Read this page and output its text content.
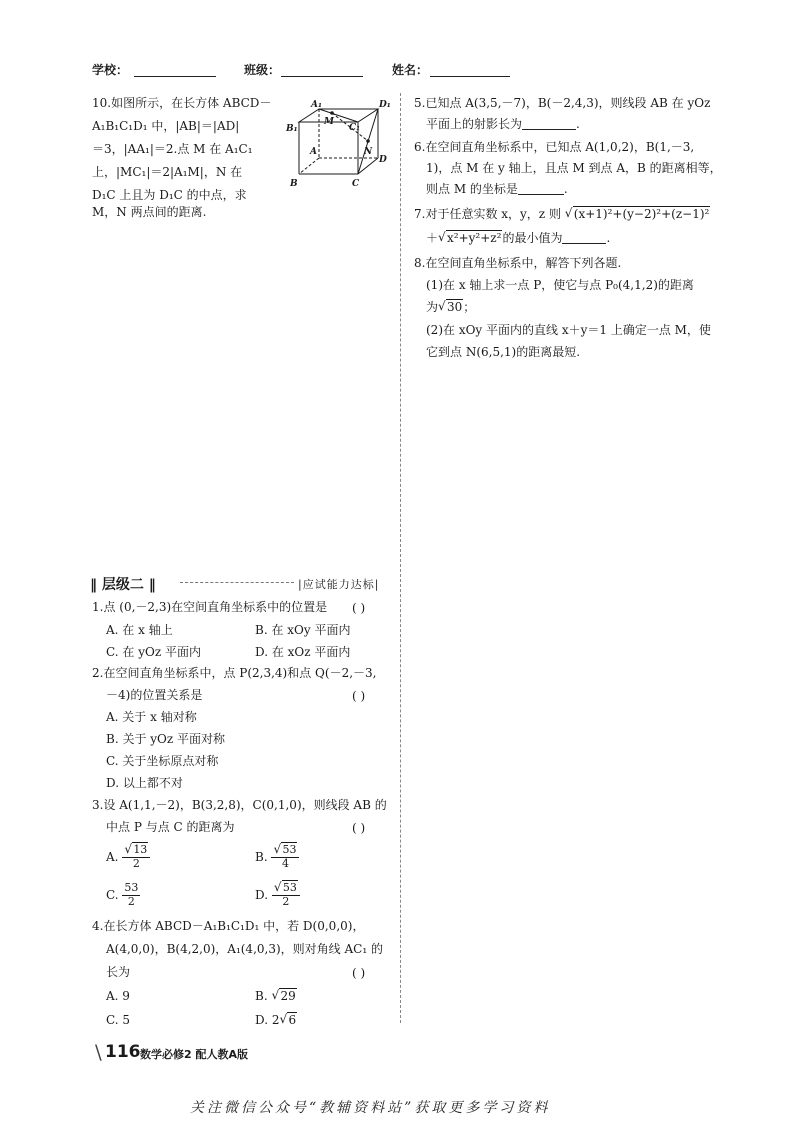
学校：	班级：	姓名：
10.如图所示，在长方体 ABCD－
A₁B₁C₁D₁ 中，|AB|＝|AD|
＝3，|AA₁|＝2.点 M 在 A₁C₁
上，|MC₁|＝2|A₁M|，N 在
D₁C 上且为 D₁C 的中点，求
M，N 两点间的距离.
A₁	D₁
B₁	C₁
M
A	N
D
B	C
5.已知点 A(3,5,－7)，B(－2,4,3)，则线段 AB 在 yOz
平面上的射影长为	.
6.在空间直角坐标系中，已知点 A(1,0,2)，B(1,－3,
1)，点 M 在 y 轴上，且点 M 到点 A，B 的距离相等，
则点 M 的坐标是	.
7.对于任意实数 x，y，z 则 √ (x+1)²+(y−2)²+(z−1)²
＋ √ x²+y²+z²的最小值为	.
8.在空间直角坐标系中，解答下列各题.
(1)在 x 轴上求一点 P，使它与点 P₀(4,1,2)的距离
为 √ 30；
(2)在 xOy 平面内的直线 x＋y＝1 上确定一点 M，使
它到点 N(6,5,1)的距离最短.
‖ 层级二 ‖	|应试能力达标|
1.点 (0,－2,3)在空间直角坐标系中的位置是 ( )
A. 在 x 轴上	B. 在 xOy 平面内
C. 在 yOz 平面内	D. 在 xOz 平面内
2.在空间直角坐标系中，点 P(2,3,4)和点 Q(－2,－3,
－4)的位置关系是	( )
A. 关于 x 轴对称
B. 关于 yOz 平面对称
C. 关于坐标原点对称
D. 以上都不对
3.设 A(1,1,－2)，B(3,2,8)，C(0,1,0)，则线段 AB 的
中点 P 与点 C 的距离为	( )
A. √ $\frac{13}{2}$	B. √ $\frac{53}{4}$
C. $\frac{53}{2}$	D. √ $\frac{53}{2}$
4.在长方体 ABCD－A₁B₁C₁D₁ 中，若 D(0,0,0)，
A(4,0,0)，B(4,2,0)，A₁(4,0,3)，则对角线 AC₁ 的
长为	( )
A. 9	B. √ 29
C. 5	D. 2 √ 6
\ 116 数学必修2 配人教A版
关注微信公众号“教辅资料站”获取更多学习资料
